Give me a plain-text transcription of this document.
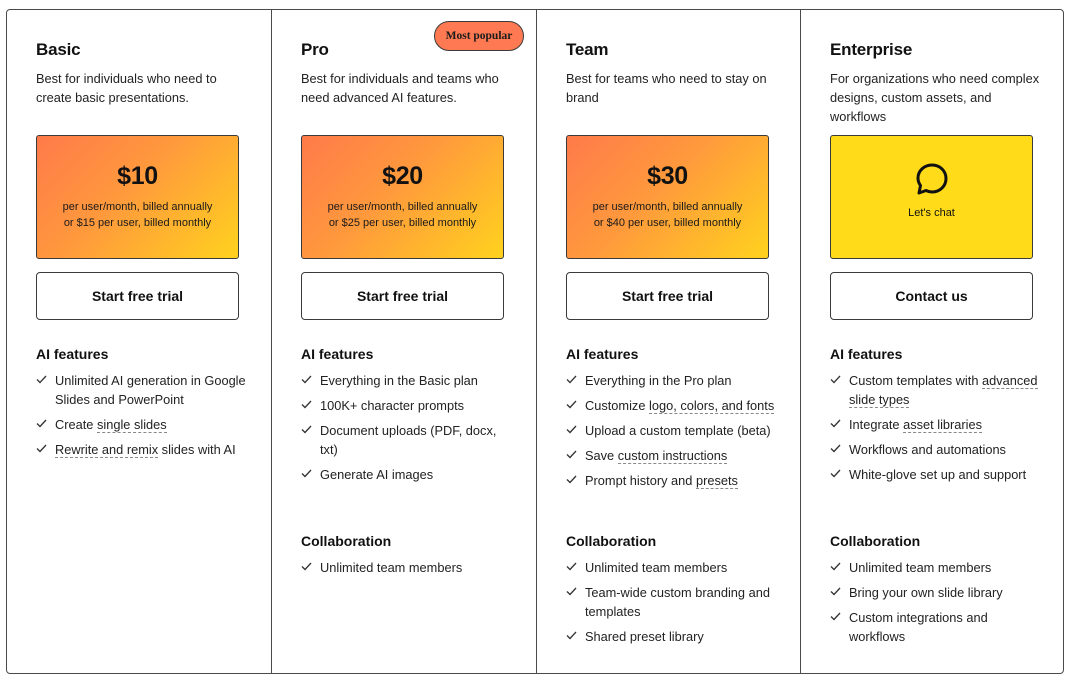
Basic
Best for individuals who need to create basic presentations.
$10
per user/month, billed annually
or $15 per user, billed monthly
Start free trial
AI features
Unlimited AI generation in Google Slides and PowerPoint
Create single slides
Rewrite and remix slides with AI
Pro
Best for individuals and teams who need advanced AI features.
$20
per user/month, billed annually
or $25 per user, billed monthly
Start free trial
AI features
Everything in the Basic plan
100K+ character prompts
Document uploads (PDF, docx, txt)
Generate AI images
Collaboration
Unlimited team members
Team
Best for teams who need to stay on brand
$30
per user/month, billed annually
or $40 per user, billed monthly
Start free trial
AI features
Everything in the Pro plan
Customize logo, colors, and fonts
Upload a custom template (beta)
Save custom instructions
Prompt history and presets
Collaboration
Unlimited team members
Team-wide custom branding and templates
Shared preset library
Enterprise
For organizations who need complex designs, custom assets, and workflows
Let's chat
Contact us
AI features
Custom templates with advanced slide types
Integrate asset libraries
Workflows and automations
White-glove set up and support
Collaboration
Unlimited team members
Bring your own slide library
Custom integrations and workflows
Most popular
